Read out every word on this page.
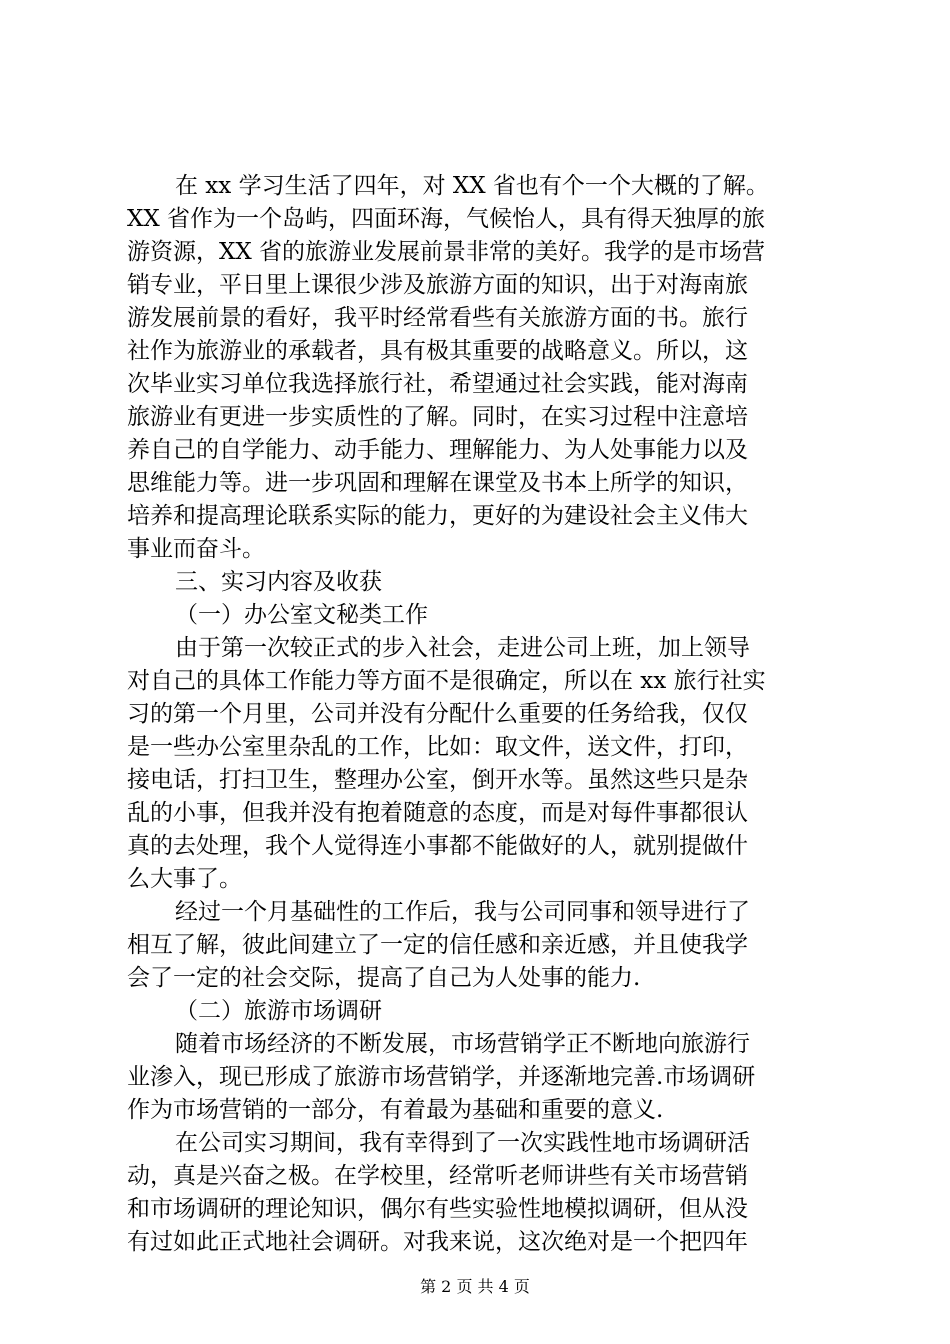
在 xx 学习生活了四年，对 XX 省也有个一个大概的了解。
XX 省作为一个岛屿，四面环海，气候怡人，具有得天独厚的旅
游资源，XX 省的旅游业发展前景非常的美好。我学的是市场营
销专业，平日里上课很少涉及旅游方面的知识，出于对海南旅
游发展前景的看好，我平时经常看些有关旅游方面的书。旅行
社作为旅游业的承载者，具有极其重要的战略意义。所以，这
次毕业实习单位我选择旅行社，希望通过社会实践，能对海南
旅游业有更进一步实质性的了解。同时，在实习过程中注意培
养自己的自学能力、动手能力、理解能力、为人处事能力以及
思维能力等。进一步巩固和理解在课堂及书本上所学的知识，
培养和提高理论联系实际的能力，更好的为建设社会主义伟大
事业而奋斗。
三、实习内容及收获
（一）办公室文秘类工作
由于第一次较正式的步入社会，走进公司上班，加上领导
对自己的具体工作能力等方面不是很确定，所以在 xx 旅行社实
习的第一个月里，公司并没有分配什么重要的任务给我，仅仅
是一些办公室里杂乱的工作，比如：取文件，送文件，打印，
接电话，打扫卫生，整理办公室，倒开水等。虽然这些只是杂
乱的小事，但我并没有抱着随意的态度，而是对每件事都很认
真的去处理，我个人觉得连小事都不能做好的人，就别提做什
么大事了。
经过一个月基础性的工作后，我与公司同事和领导进行了
相互了解，彼此间建立了一定的信任感和亲近感，并且使我学
会了一定的社会交际，提高了自己为人处事的能力.
（二）旅游市场调研
随着市场经济的不断发展，市场营销学正不断地向旅游行
业渗入，现已形成了旅游市场营销学，并逐渐地完善.市场调研
作为市场营销的一部分，有着最为基础和重要的意义.
在公司实习期间，我有幸得到了一次实践性地市场调研活
动，真是兴奋之极。在学校里，经常听老师讲些有关市场营销
和市场调研的理论知识，偶尔有些实验性地模拟调研，但从没
有过如此正式地社会调研。对我来说，这次绝对是一个把四年
第 2 页 共 4 页
